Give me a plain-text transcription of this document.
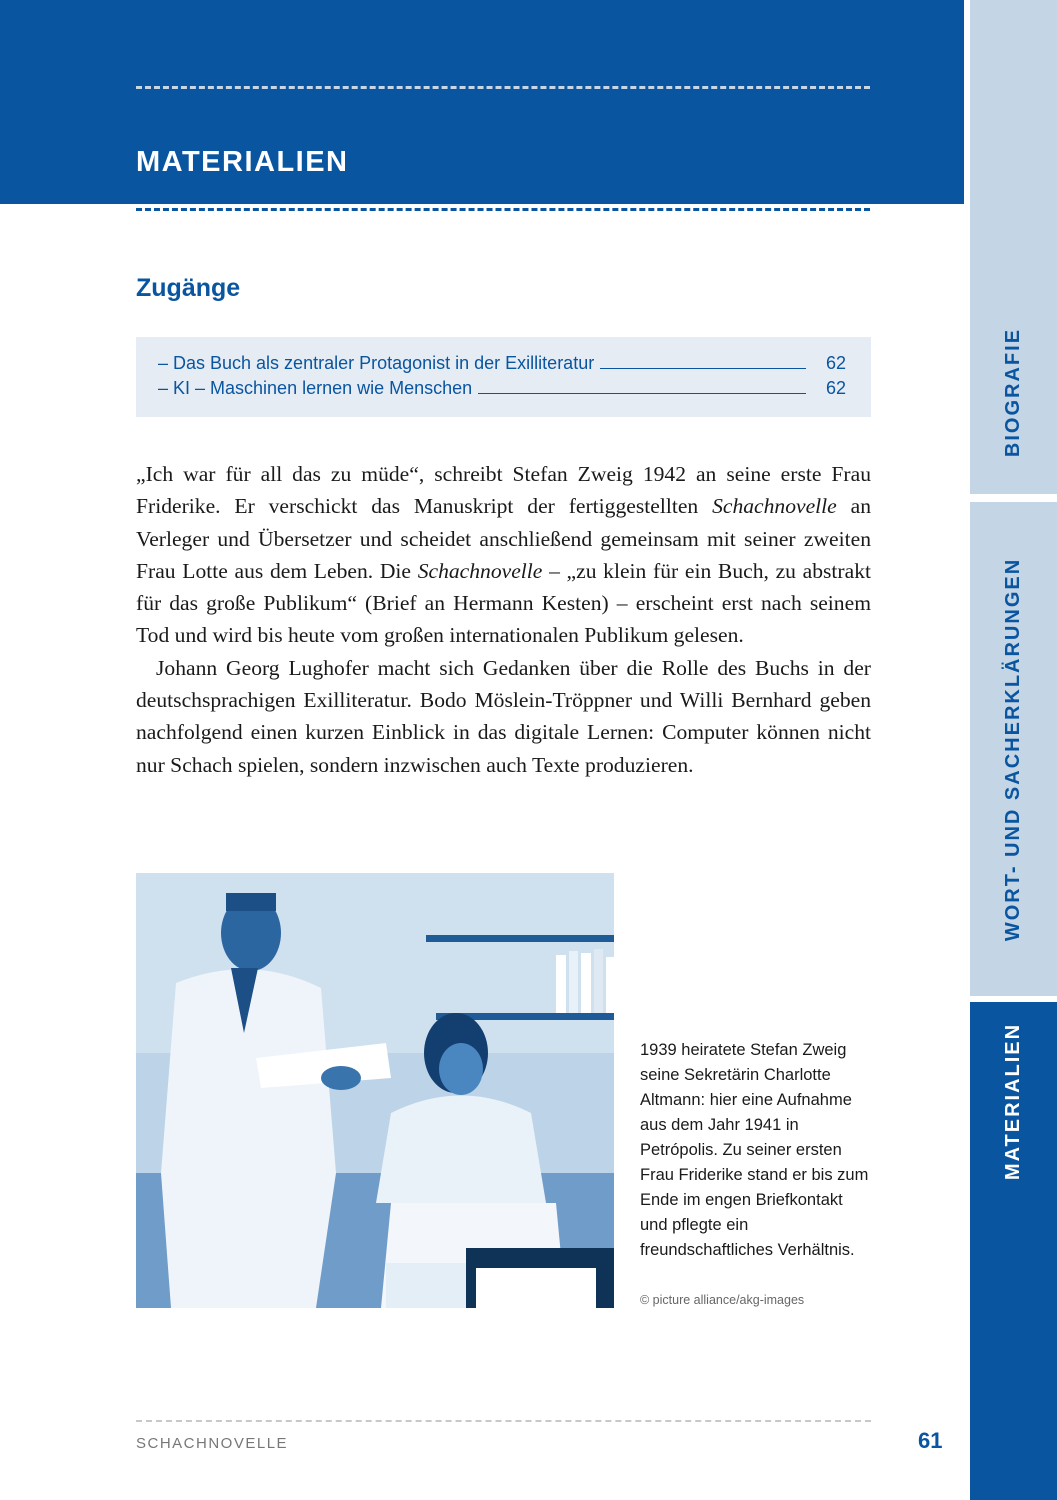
MATERIALIEN
BIOGRAFIE
WORT- UND SACHERKLÄRUNGEN
MATERIALIEN
Zugänge
– Das Buch als zentraler Protagonist in der Exilliteratur	62
– KI – Maschinen lernen wie Menschen	62

„Ich war für all das zu müde“, schreibt Stefan Zweig 1942 an seine erste Frau Friderike. Er verschickt das Manuskript der fertiggestellten Schachnovelle an Verleger und Übersetzer und scheidet anschließend gemeinsam mit seiner zweiten Frau Lotte aus dem Leben. Die Schachnovelle – „zu klein für ein Buch, zu abstrakt für das große Publikum“ (Brief an Hermann Kesten) – erscheint erst nach seinem Tod und wird bis heute vom großen internationalen Publikum gelesen.

Johann Georg Lughofer macht sich Gedanken über die Rolle des Buchs in der deutschsprachigen Exilliteratur. Bodo Möslein-Tröppner und Willi Bernhard geben nachfolgend einen kurzen Einblick in das digitale Lernen: Computer können nicht nur Schach spielen, sondern inzwischen auch Texte produzieren.

1939 heiratete Stefan Zweig seine Sekretärin Charlotte Altmann: hier eine Aufnahme aus dem Jahr 1941 in Petrópolis. Zu seiner ersten Frau Friderike stand er bis zum Ende im engen Briefkontakt und pflegte ein freundschaftliches Verhältnis.
© picture alliance/akg-images
SCHACHNOVELLE	61
